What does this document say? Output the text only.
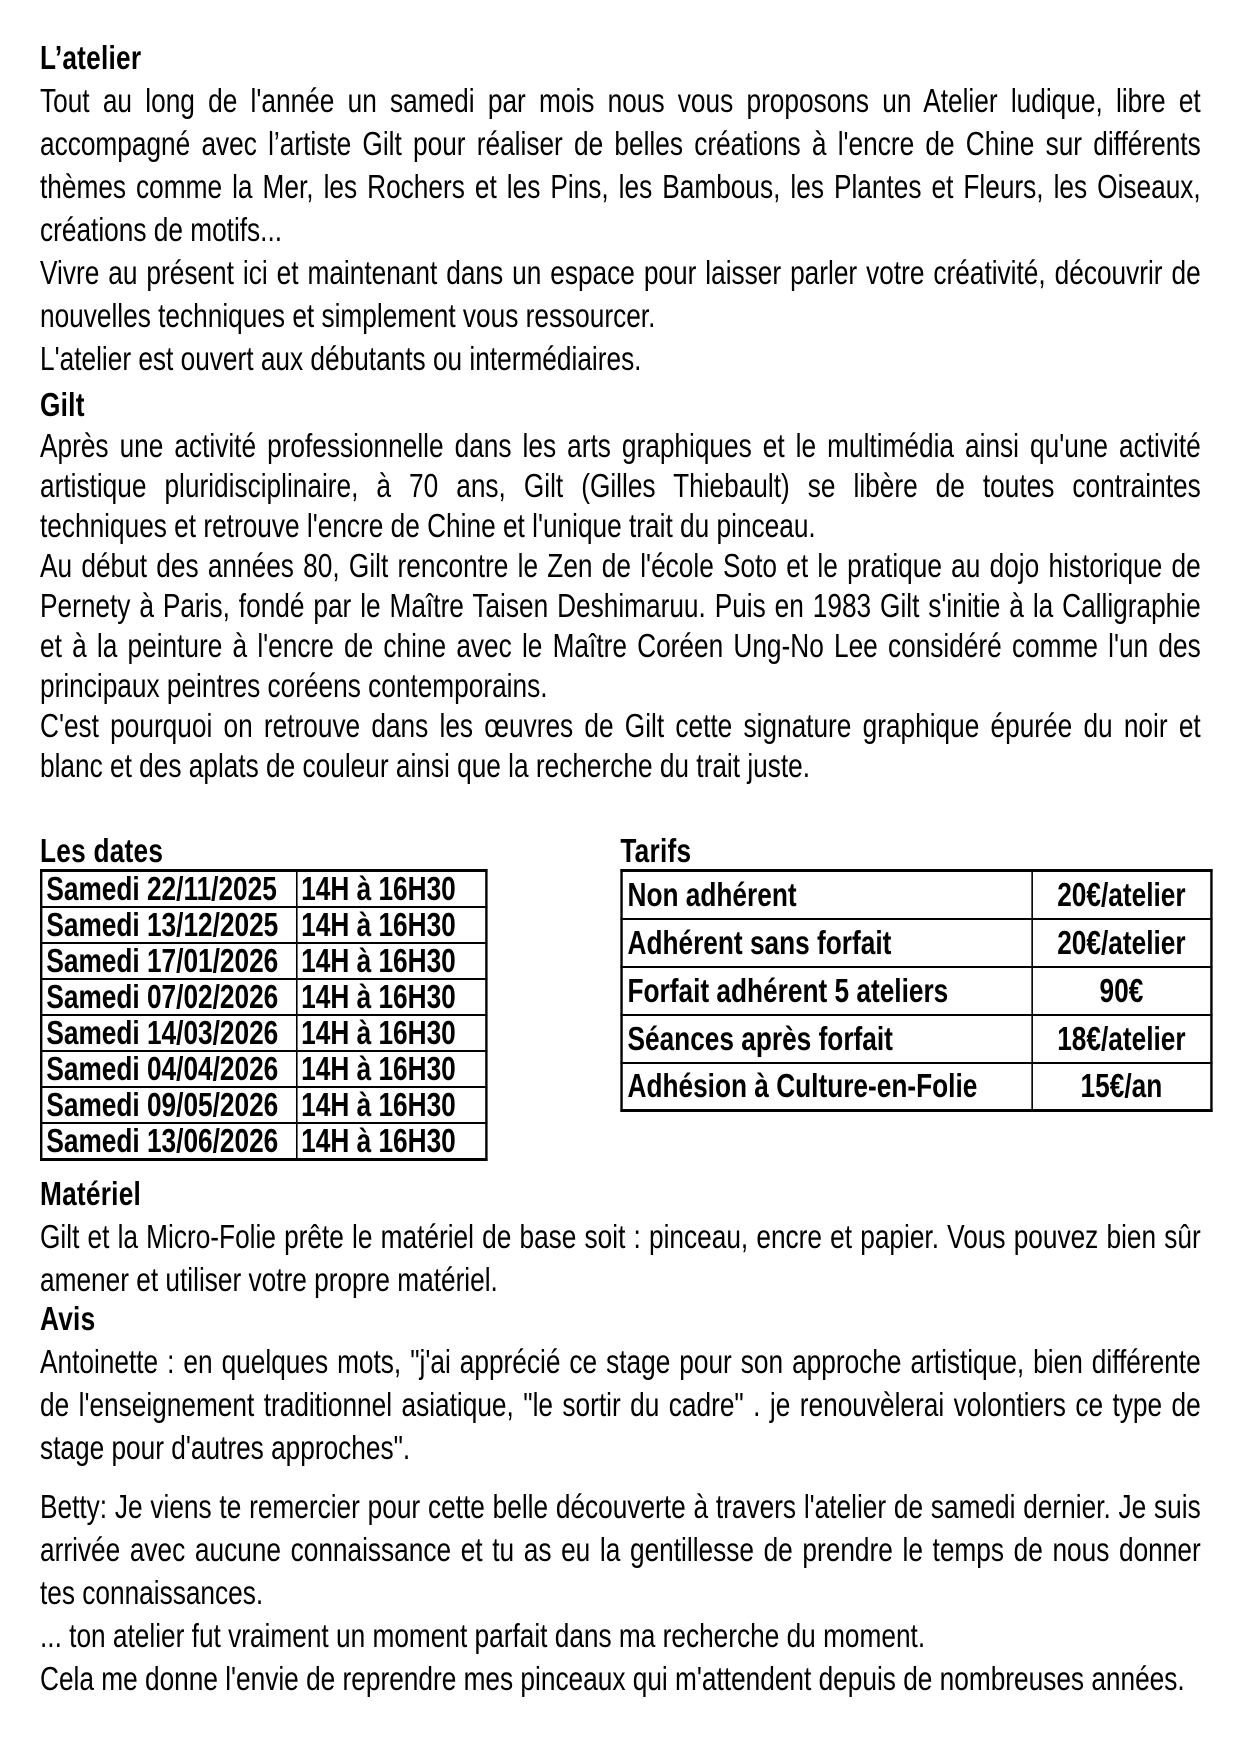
L’atelier

Tout au long de l'année un samedi par mois nous vous proposons un Atelier ludique, libre et accompagné avec l’artiste Gilt pour réaliser de belles créations à l'encre de Chine sur différents thèmes comme la Mer, les Rochers et les Pins, les Bambous, les Plantes et Fleurs, les Oiseaux, créations de motifs...

Vivre au présent ici et maintenant dans un espace pour laisser parler votre créativité, découvrir de nouvelles techniques et simplement vous ressourcer.

L'atelier est ouvert aux débutants ou intermédiaires.

Gilt

Après une activité professionnelle dans les arts graphiques et le multimédia ainsi qu'une activité artistique pluridisciplinaire, à 70 ans, Gilt (Gilles Thiebault) se libère de toutes contraintes techniques et retrouve l'encre de Chine et l'unique trait du pinceau.

Au début des années 80, Gilt rencontre le Zen de l'école Soto et le pratique au dojo historique de Pernety à Paris, fondé par le Maître Taisen Deshimaruu. Puis en 1983 Gilt s'initie à la Calligraphie et à la peinture à l'encre de chine avec le Maître Coréen Ung-No Lee considéré comme l'un des principaux peintres coréens contemporains.

C'est pourquoi on retrouve dans les œuvres de Gilt cette signature graphique épurée du noir et blanc et des aplats de couleur ainsi que la recherche du trait juste.

Les dates
Samedi 22/11/2025	14H à 16H30
Samedi 13/12/2025	14H à 16H30
Samedi 17/01/2026	14H à 16H30
Samedi 07/02/2026	14H à 16H30
Samedi 14/03/2026	14H à 16H30
Samedi 04/04/2026	14H à 16H30
Samedi 09/05/2026	14H à 16H30
Samedi 13/06/2026	14H à 16H30
Tarifs
Non adhérent	20€/atelier
Adhérent sans forfait	20€/atelier
Forfait adhérent 5 ateliers	90€
Séances après forfait	18€/atelier
Adhésion à Culture-en-Folie	15€/an
Matériel

Gilt et la Micro-Folie prête le matériel de base soit : pinceau, encre et papier. Vous pouvez bien sûr amener et utiliser votre propre matériel.

Avis

Antoinette : en quelques mots, "j'ai apprécié ce stage pour son approche artistique, bien différente de l'enseignement traditionnel asiatique, "le sortir du cadre" . je renouvèlerai volontiers ce type de stage pour d'autres approches".

Betty: Je viens te remercier pour cette belle découverte à travers l'atelier de samedi dernier. Je suis arrivée avec aucune connaissance et tu as eu la gentillesse de prendre le temps de nous donner tes connaissances.

... ton atelier fut vraiment un moment parfait dans ma recherche du moment.

Cela me donne l'envie de reprendre mes pinceaux qui m'attendent depuis de nombreuses années.
